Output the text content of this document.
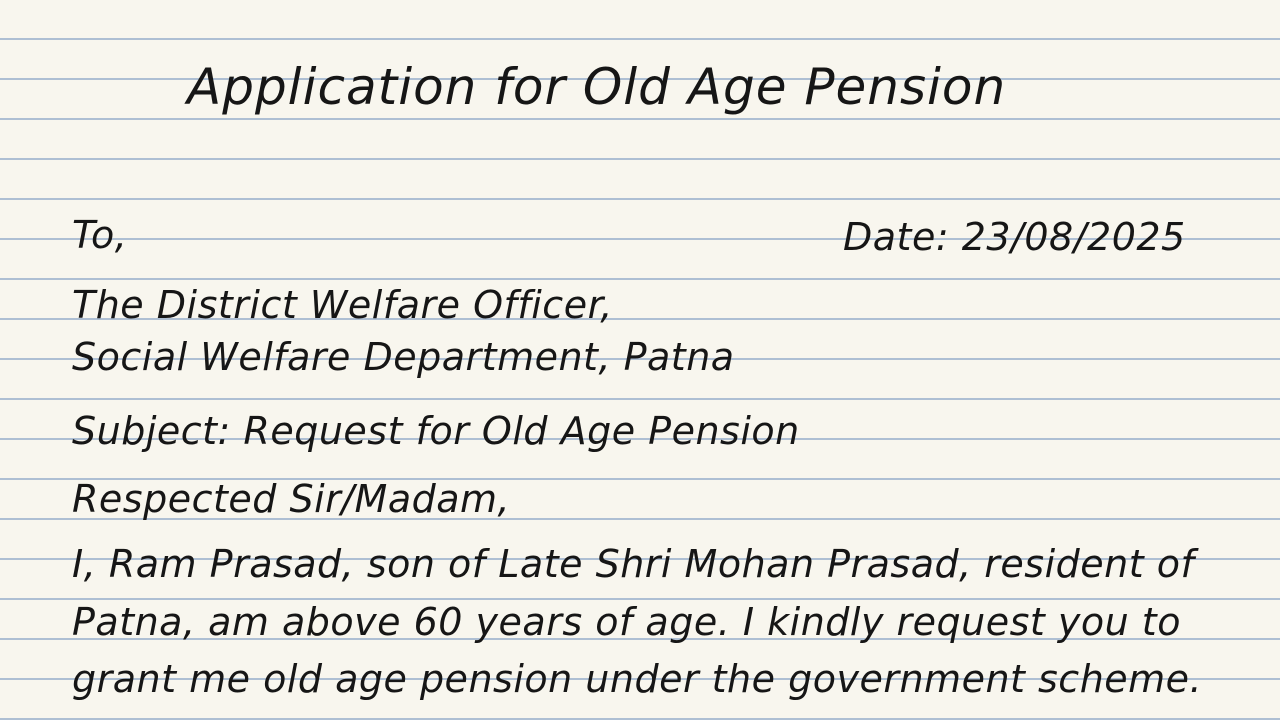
Application for Old Age Pension

To,	Date: 23/08/2025

The District Welfare Officer,

Social Welfare Department, Patna

Subject: Request for Old Age Pension

Respected Sir/Madam,

I, Ram Prasad, son of Late Shri Mohan Prasad, resident of

Patna, am above 60 years of age. I kindly request you to

grant me old age pension under the government scheme.
